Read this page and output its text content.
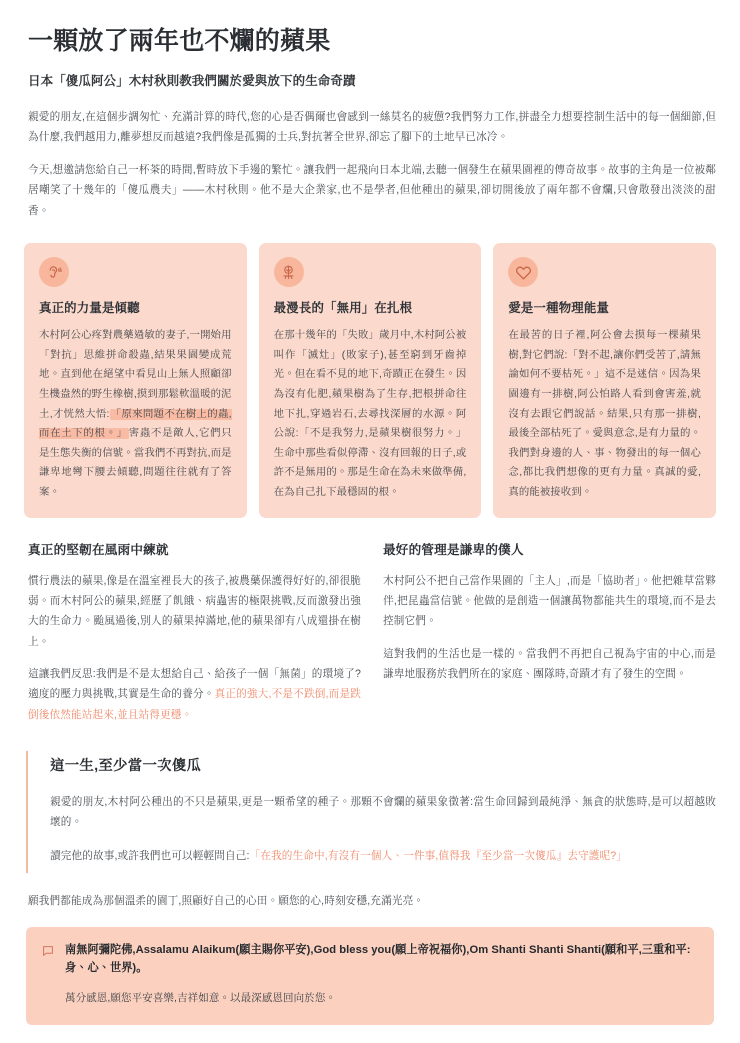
一顆放了兩年也不爛的蘋果
日本「傻瓜阿公」木村秋則教我們關於愛與放下的生命奇蹟

親愛的朋友,在這個步調匆忙、充滿計算的時代,您的心是否偶爾也會感到一絲莫名的疲憊?我們努力工作,拼盡全力想要控制生活中的每一個細節,但為什麼,我們越用力,離夢想反而越遠?我們像是孤獨的士兵,對抗著全世界,卻忘了腳下的土地早已冰冷。

今天,想邀請您給自己一杯茶的時間,暫時放下手邊的繁忙。讓我們一起飛向日本北端,去聽一個發生在蘋果園裡的傳奇故事。故事的主角是一位被鄰居嘲笑了十幾年的「傻瓜農夫」——木村秋則。他不是大企業家,也不是學者,但他種出的蘋果,卻切開後放了兩年都不會爛,只會散發出淡淡的甜香。

真正的力量是傾聽

木村阿公心疼對農藥過敏的妻子,一開始用「對抗」思維拼命殺蟲,結果果園變成荒地。直到他在絕望中看見山上無人照顧卻生機盎然的野生橡樹,摸到那鬆軟溫暖的泥土,才恍然大悟:「原來問題不在樹上的蟲,而在土下的根。」害蟲不是敵人,它們只是生態失衡的信號。當我們不再對抗,而是謙卑地彎下腰去傾聽,問題往往就有了答案。

最漫長的「無用」在扎根

在那十幾年的「失敗」歲月中,木村阿公被叫作「滅灶」(敗家子),甚至窮到牙齒掉光。但在看不見的地下,奇蹟正在發生。因為沒有化肥,蘋果樹為了生存,把根拼命往地下扎,穿過岩石,去尋找深層的水源。阿公說:「不是我努力,是蘋果樹很努力。」生命中那些看似停滯、沒有回報的日子,或許不是無用的。那是生命在為未來做準備,在為自己扎下最穩固的根。

愛是一種物理能量

在最苦的日子裡,阿公會去摸每一棵蘋果樹,對它們說:「對不起,讓你們受苦了,請無論如何不要枯死。」這不是迷信。因為果園邊有一排樹,阿公怕路人看到會害羞,就沒有去跟它們說話。結果,只有那一排樹,最後全部枯死了。愛與意念,是有力量的。我們對身邊的人、事、物發出的每一個心念,都比我們想像的更有力量。真誠的愛,真的能被接收到。

真正的堅韌在風雨中練就

慣行農法的蘋果,像是在溫室裡長大的孩子,被農藥保護得好好的,卻很脆弱。而木村阿公的蘋果,經歷了飢餓、病蟲害的極限挑戰,反而激發出強大的生命力。颱風過後,別人的蘋果掉滿地,他的蘋果卻有八成還掛在樹上。

這讓我們反思:我們是不是太想給自己、給孩子一個「無菌」的環境了?適度的壓力與挑戰,其實是生命的養分。真正的強大,不是不跌倒,而是跌倒後依然能站起來,並且站得更穩。

最好的管理是謙卑的僕人

木村阿公不把自己當作果園的「主人」,而是「協助者」。他把雜草當夥伴,把昆蟲當信號。他做的是創造一個讓萬物都能共生的環境,而不是去控制它們。

這對我們的生活也是一樣的。當我們不再把自己視為宇宙的中心,而是謙卑地服務於我們所在的家庭、團隊時,奇蹟才有了發生的空間。

這一生,至少當一次傻瓜

親愛的朋友,木村阿公種出的不只是蘋果,更是一顆希望的種子。那顆不會爛的蘋果象徵著:當生命回歸到最純淨、無貪的狀態時,是可以超越敗壞的。

讀完他的故事,或許我們也可以輕輕問自己:「在我的生命中,有沒有一個人、一件事,值得我『至少當一次傻瓜』去守護呢?」

願我們都能成為那個溫柔的園丁,照顧好自己的心田。願您的心,時刻安穩,充滿光亮。

南無阿彌陀佛,Assalamu Alaikum(願主賜你平安),God bless you(願上帝祝福你),Om Shanti Shanti Shanti(願和平,三重和平:身、心、世界)。

萬分感恩,願您平安喜樂,吉祥如意。以最深感恩回向於您。
